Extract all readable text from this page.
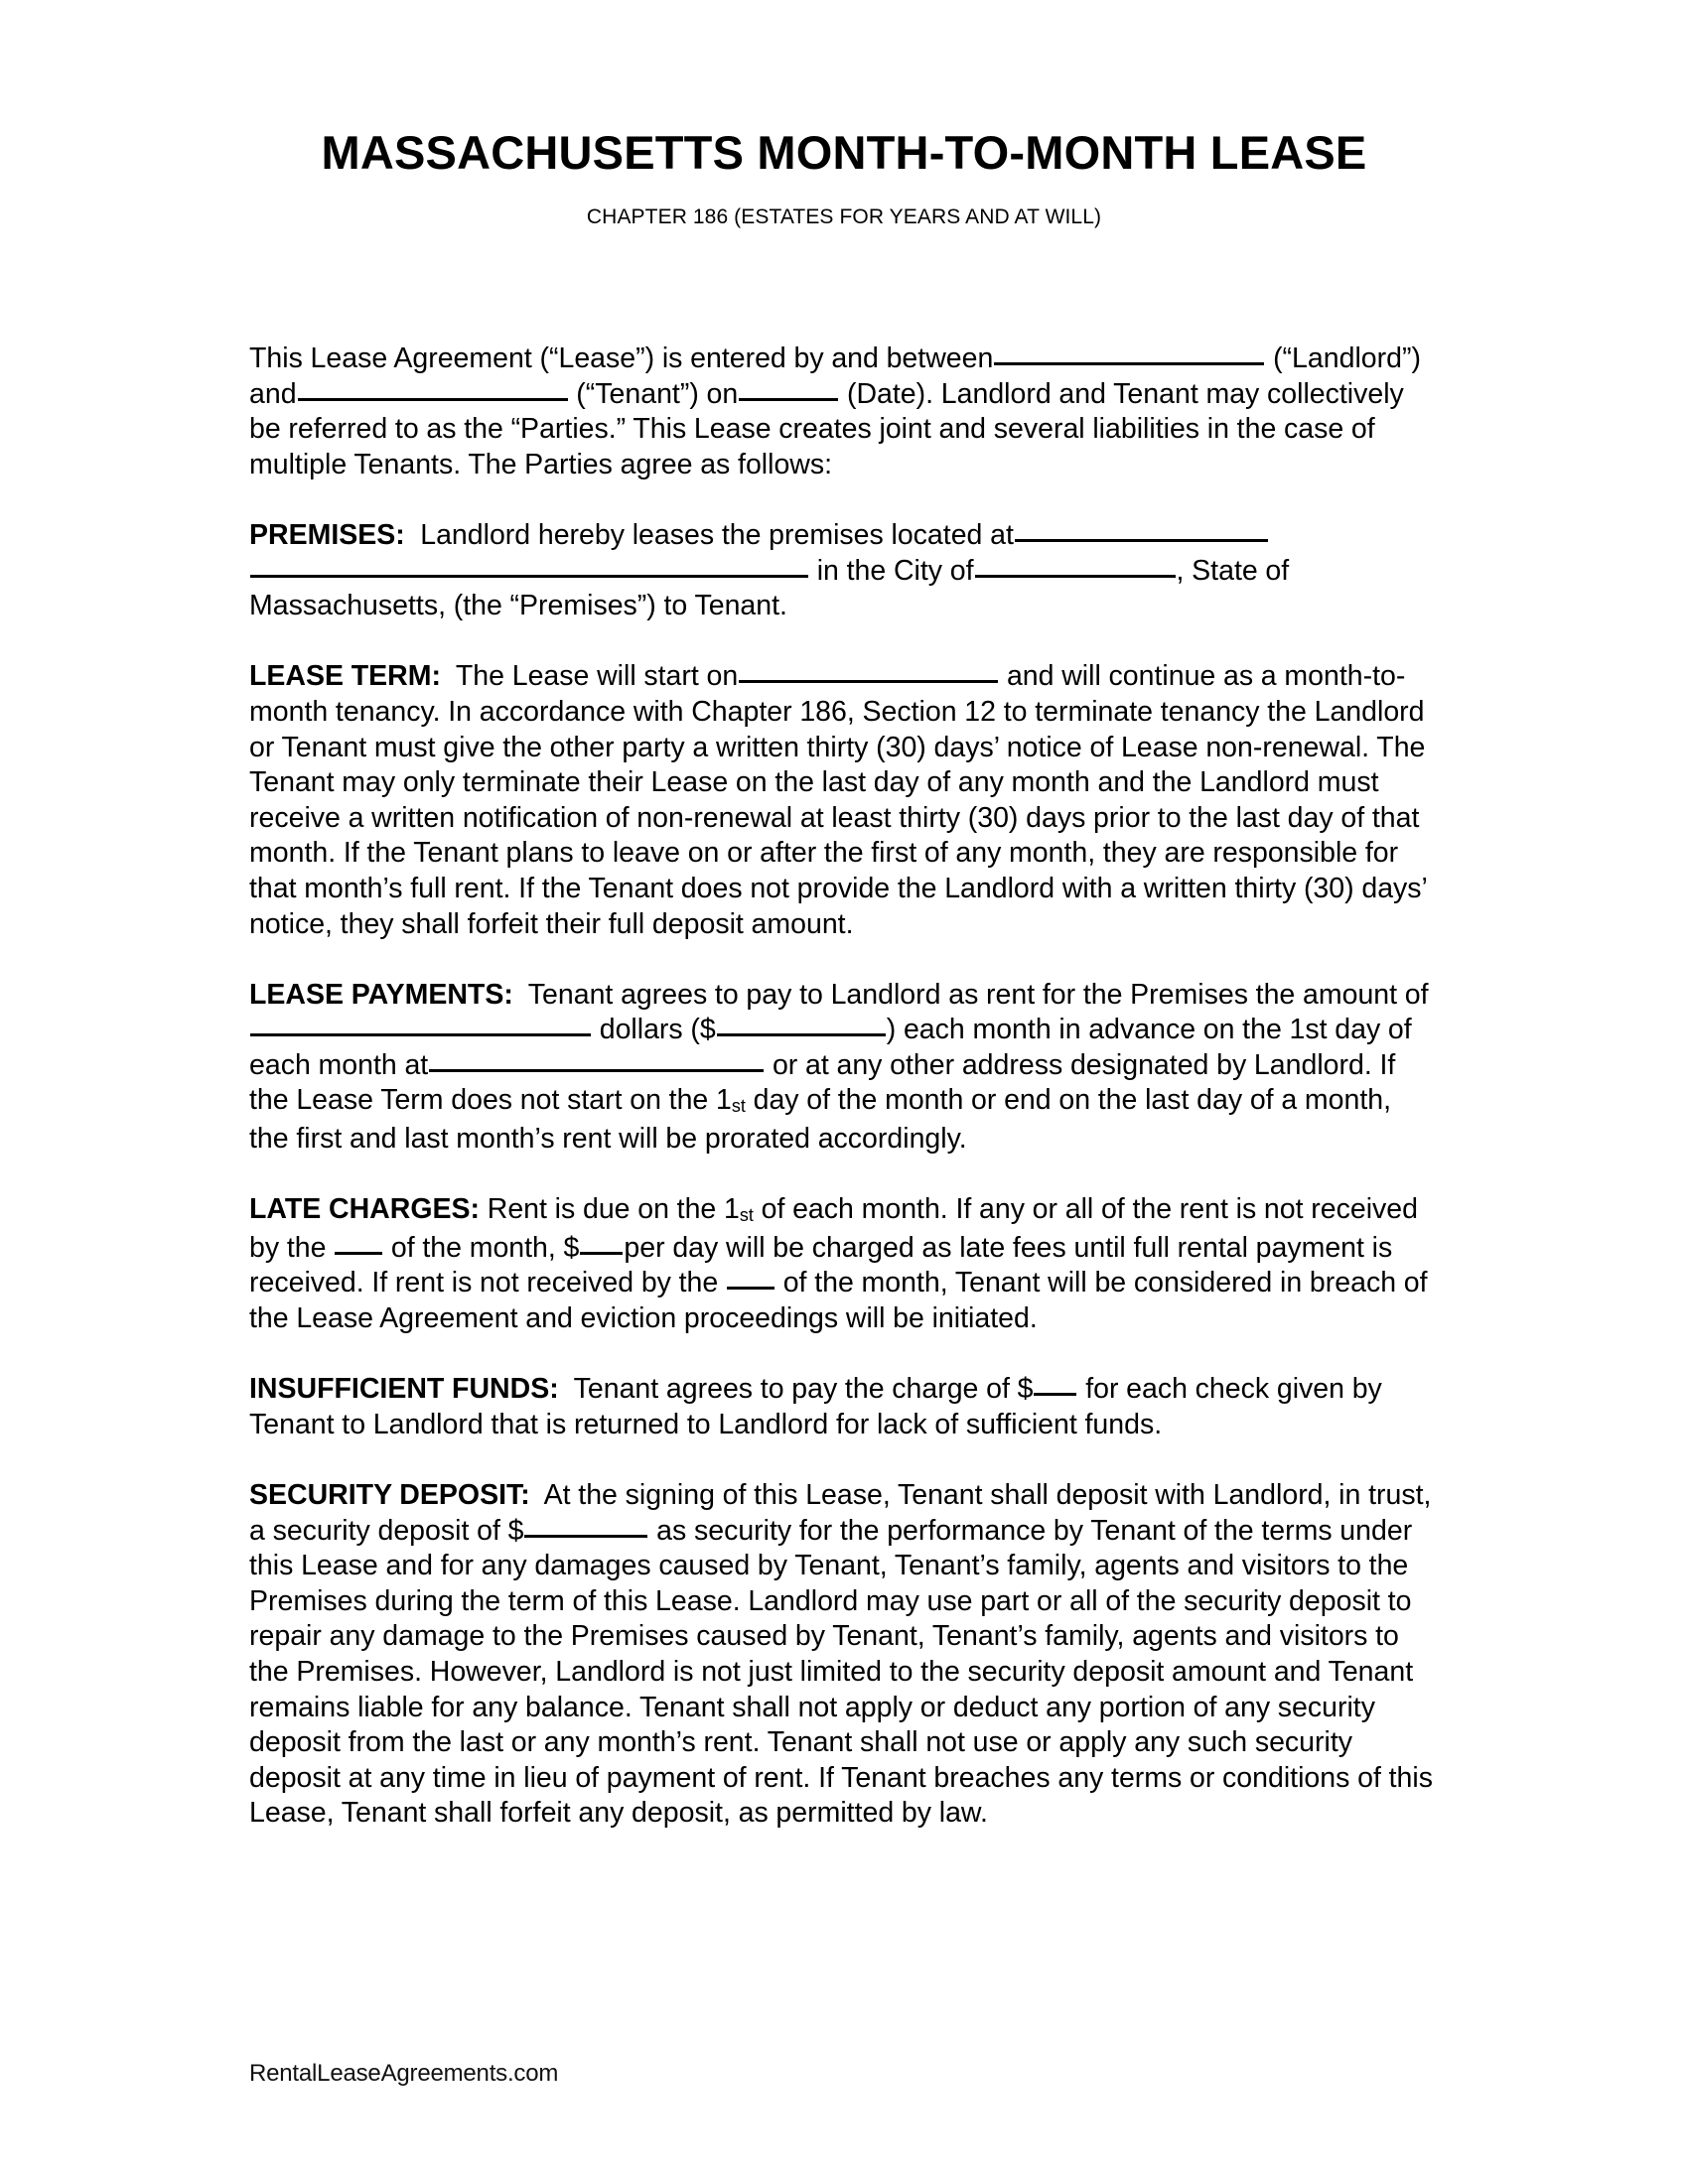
MASSACHUSETTS MONTH-TO-MONTH LEASE
CHAPTER 186 (ESTATES FOR YEARS AND AT WILL)

This Lease Agreement (“Lease”) is entered by and between	(“Landlord”) and	(“Tenant”) on	(Date). Landlord and Tenant may collectively be referred to as the “Parties.” This Lease creates joint and several liabilities in the case of multiple Tenants. The Parties agree as follows:

PREMISES: Landlord hereby leases the premises located at in the City of	, State of Massachusetts, (the “Premises”) to Tenant.

LEASE TERM: The Lease will start on	and will continue as a month-to-month tenancy. In accordance with Chapter 186, Section 12 to terminate tenancy the Landlord or Tenant must give the other party a written thirty (30) days’ notice of Lease non-renewal. The Tenant may only terminate their Lease on the last day of any month and the Landlord must receive a written notification of non-renewal at least thirty (30) days prior to the last day of that month. If the Tenant plans to leave on or after the first of any month, they are responsible for that month’s full rent. If the Tenant does not provide the Landlord with a written thirty (30) days’ notice, they shall forfeit their full deposit amount.

LEASE PAYMENTS: Tenant agrees to pay to Landlord as rent for the Premises the amount of dollars ($	) each month in advance on the 1st day of each month at	or at any other address designated by Landlord. If the Lease Term does not start on the $1_{st}$ day of the month or end on the last day of a month, the first and last month’s rent will be prorated accordingly.

LATE CHARGES: Rent is due on the $1_{st}$ of each month. If any or all of the rent is not received by the of the month, $ per day will be charged as late fees until full rental payment is received. If rent is not received by the of the month, Tenant will be considered in breach of the Lease Agreement and eviction proceedings will be initiated.

INSUFFICIENT FUNDS: Tenant agrees to pay the charge of $ for each check given by Tenant to Landlord that is returned to Landlord for lack of sufficient funds.

SECURITY DEPOSIT: At the signing of this Lease, Tenant shall deposit with Landlord, in trust, a security deposit of $	as security for the performance by Tenant of the terms under this Lease and for any damages caused by Tenant, Tenant’s family, agents and visitors to the Premises during the term of this Lease. Landlord may use part or all of the security deposit to repair any damage to the Premises caused by Tenant, Tenant’s family, agents and visitors to the Premises. However, Landlord is not just limited to the security deposit amount and Tenant remains liable for any balance. Tenant shall not apply or deduct any portion of any security deposit from the last or any month’s rent. Tenant shall not use or apply any such security deposit at any time in lieu of payment of rent. If Tenant breaches any terms or conditions of this Lease, Tenant shall forfeit any deposit, as permitted by law.

RentalLeaseAgreements.com
